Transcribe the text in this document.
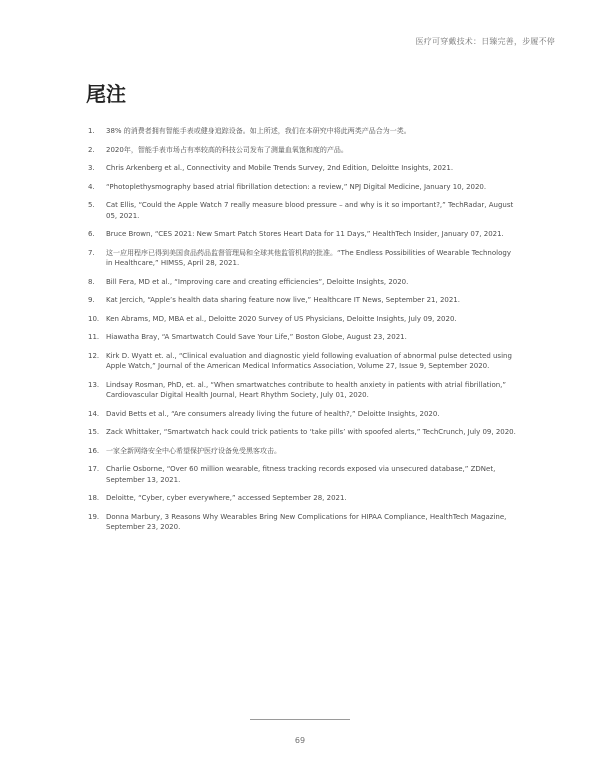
医疗可穿戴技术：日臻完善，步履不停
尾注
1.	38% 的消费者拥有智能手表或健身追踪设备。如上所述，我们在本研究中将此两类产品合为一类。
2.	2020年，智能手表市场占有率较高的科技公司发布了测量血氧饱和度的产品。
3.	Chris Arkenberg et al., Connectivity and Mobile Trends Survey, 2nd Edition, Deloitte Insights, 2021.
4.	“Photoplethysmography based atrial fibrillation detection: a review,” NPJ Digital Medicine, January 10, 2020.
5.	Cat Ellis, “Could the Apple Watch 7 really measure blood pressure – and why is it so important?,” TechRadar, August 05, 2021.
6.	Bruce Brown, “CES 2021: New Smart Patch Stores Heart Data for 11 Days,” HealthTech Insider, January 07, 2021.
7.	这一应用程序已得到美国食品药品监督管理局和全球其他监管机构的批准。“The Endless Possibilities of Wearable Technology in Healthcare,” HIMSS, April 28, 2021.
8.	Bill Fera, MD et al., “Improving care and creating efficiencies”, Deloitte Insights, 2020.
9.	Kat Jercich, “Apple’s health data sharing feature now live,” Healthcare IT News, September 21, 2021.
10. Ken Abrams, MD, MBA et al., Deloitte 2020 Survey of US Physicians, Deloitte Insights, July 09, 2020.
11. Hiawatha Bray, “A Smartwatch Could Save Your Life,” Boston Globe, August 23, 2021.
12. Kirk D. Wyatt et. al., “Clinical evaluation and diagnostic yield following evaluation of abnormal pulse detected using Apple Watch,” Journal of the American Medical Informatics Association, Volume 27, Issue 9, September 2020.
13. Lindsay Rosman, PhD, et. al., “When smartwatches contribute to health anxiety in patients with atrial fibrillation,” Cardiovascular Digital Health Journal, Heart Rhythm Society, July 01, 2020.
14. David Betts et al., “Are consumers already living the future of health?,” Deloitte Insights, 2020.
15. Zack Whittaker, “Smartwatch hack could trick patients to ‘take pills’ with spoofed alerts,” TechCrunch, July 09, 2020.
16. 一家全新网络安全中心希望保护医疗设备免受黑客攻击。
17. Charlie Osborne, “Over 60 million wearable, fitness tracking records exposed via unsecured database,” ZDNet, September 13, 2021.
18. Deloitte, “Cyber, cyber everywhere,” accessed September 28, 2021.
19. Donna Marbury, 3 Reasons Why Wearables Bring New Complications for HIPAA Compliance, HealthTech Magazine, September 23, 2020.
69
